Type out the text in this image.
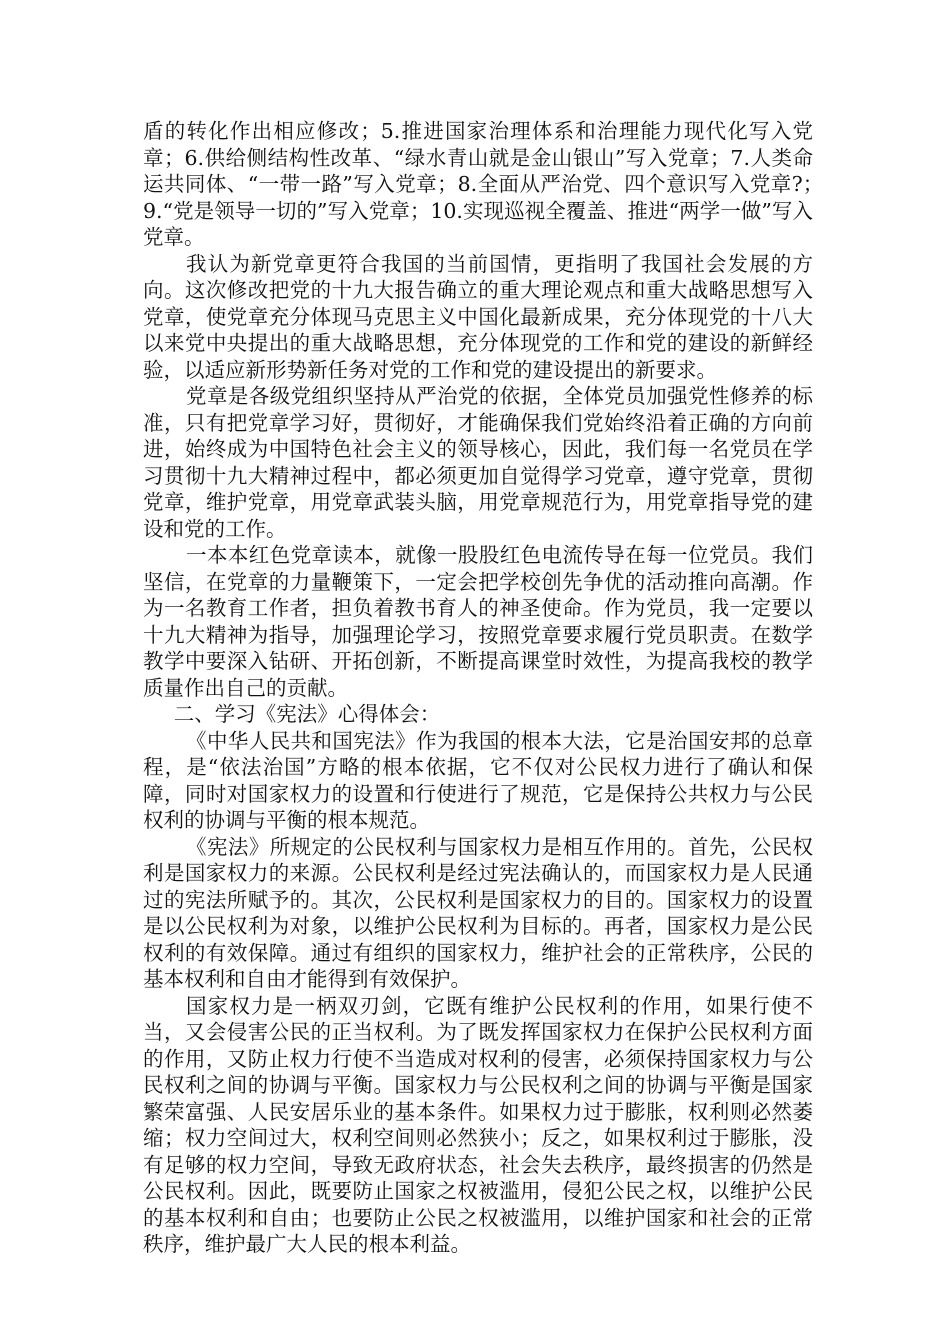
盾的转化作出相应修改；5.推进国家治理体系和治理能力现代化写入党章；6.供给侧结构性改革、“绿水青山就是金山银山”写入党章；7.人类命运共同体、“一带一路”写入党章；8.全面从严治党、四个意识写入党章?；　9.“党是领导一切的”写入党章；10.实现巡视全覆盖、推进“两学一做”写入党章。

我认为新党章更符合我国的当前国情，更指明了我国社会发展的方向。这次修改把党的十九大报告确立的重大理论观点和重大战略思想写入党章，使党章充分体现马克思主义中国化最新成果，充分体现党的十八大以来党中央提出的重大战略思想，充分体现党的工作和党的建设的新鲜经验，以适应新形势新任务对党的工作和党的建设提出的新要求。

党章是各级党组织坚持从严治党的依据，全体党员加强党性修养的标准，只有把党章学习好，贯彻好，才能确保我们党始终沿着正确的方向前进，始终成为中国特色社会主义的领导核心，因此，我们每一名党员在学习贯彻十九大精神过程中，都必须更加自觉得学习党章，遵守党章，贯彻党章，维护党章，用党章武装头脑，用党章规范行为，用党章指导党的建设和党的工作。

一本本红色党章读本，就像一股股红色电流传导在每一位党员。我们坚信，在党章的力量鞭策下，一定会把学校创先争优的活动推向高潮。作为一名教育工作者，担负着教书育人的神圣使命。作为党员，我一定要以十九大精神为指导，加强理论学习，按照党章要求履行党员职责。在数学教学中要深入钻研、开拓创新，不断提高课堂时效性，为提高我校的教学质量作出自己的贡献。

二、学习《宪法》心得体会：

《中华人民共和国宪法》作为我国的根本大法，它是治国安邦的总章程，是“依法治国”方略的根本依据，它不仅对公民权力进行了确认和保障，同时对国家权力的设置和行使进行了规范，它是保持公共权力与公民权利的协调与平衡的根本规范。

《宪法》所规定的公民权利与国家权力是相互作用的。首先，公民权利是国家权力的来源。公民权利是经过宪法确认的，而国家权力是人民通过的宪法所赋予的。其次，公民权利是国家权力的目的。国家权力的设置是以公民权利为对象，以维护公民权利为目标的。再者，国家权力是公民权利的有效保障。通过有组织的国家权力，维护社会的正常秩序，公民的基本权利和自由才能得到有效保护。

国家权力是一柄双刃剑，它既有维护公民权利的作用，如果行使不当，又会侵害公民的正当权利。为了既发挥国家权力在保护公民权利方面的作用，又防止权力行使不当造成对权利的侵害，必须保持国家权力与公民权利之间的协调与平衡。国家权力与公民权利之间的协调与平衡是国家繁荣富强、人民安居乐业的基本条件。如果权力过于膨胀，权利则必然萎缩；权力空间过大，权利空间则必然狭小；反之，如果权利过于膨胀，没有足够的权力空间，导致无政府状态，社会失去秩序，最终损害的仍然是公民权利。因此，既要防止国家之权被滥用，侵犯公民之权，以维护公民的基本权利和自由；也要防止公民之权被滥用，以维护国家和社会的正常秩序，维护最广大人民的根本利益。
